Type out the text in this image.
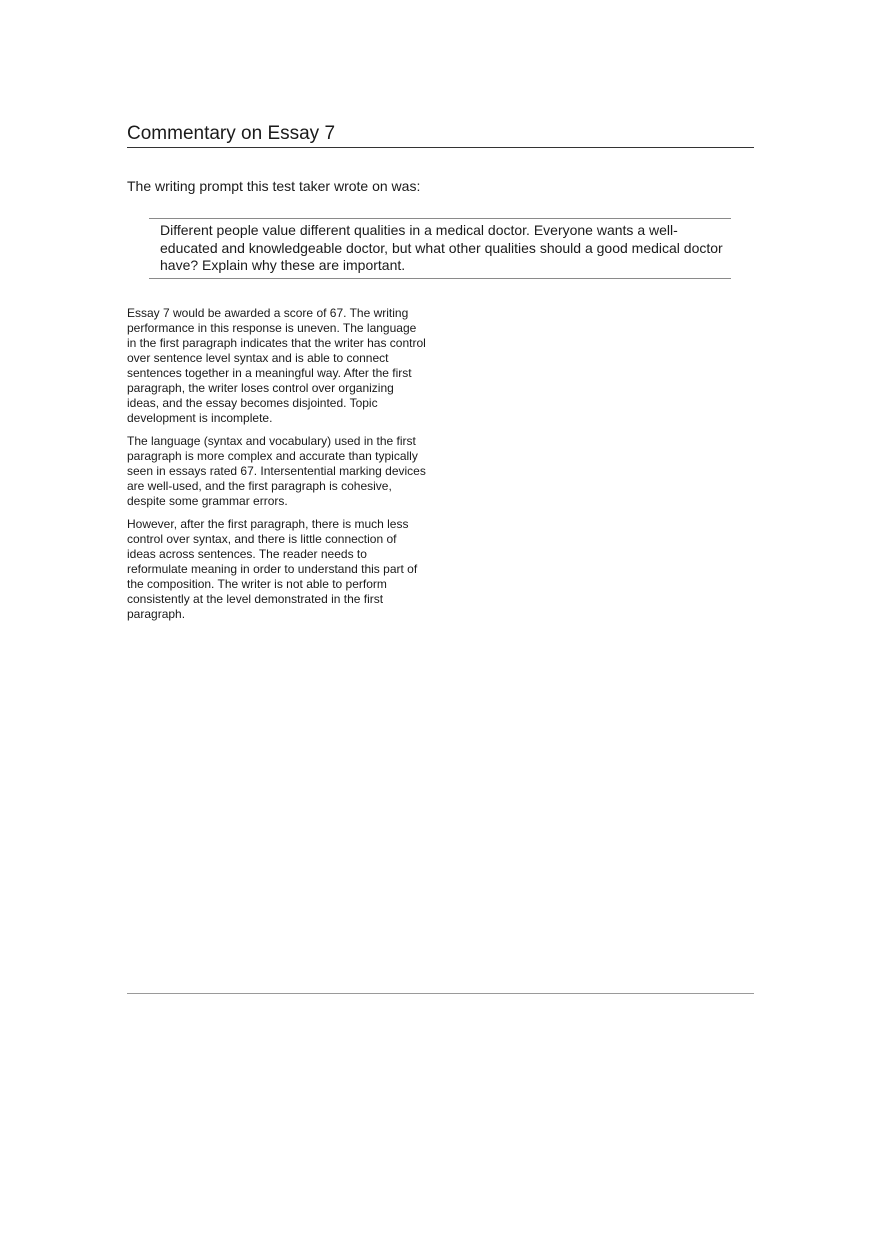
Commentary on Essay 7

The writing prompt this test taker wrote on was:

Different people value different qualities in a medical doctor. Everyone wants a well-educated and knowledgeable doctor, but what other qualities should a good medical doctor have? Explain why these are important.

Essay 7 would be awarded a score of 67. The writing performance in this response is uneven. The language in the first paragraph indicates that the writer has control over sentence level syntax and is able to connect sentences together in a meaningful way. After the first paragraph, the writer loses control over organizing ideas, and the essay becomes disjointed. Topic development is incomplete.

The language (syntax and vocabulary) used in the first paragraph is more complex and accurate than typically seen in essays rated 67. Intersentential marking devices are well-used, and the first paragraph is cohesive, despite some grammar errors.

However, after the first paragraph, there is much less control over syntax, and there is little connection of ideas across sentences. The reader needs to reformulate meaning in order to understand this part of the composition. The writer is not able to perform consistently at the level demonstrated in the first paragraph.
